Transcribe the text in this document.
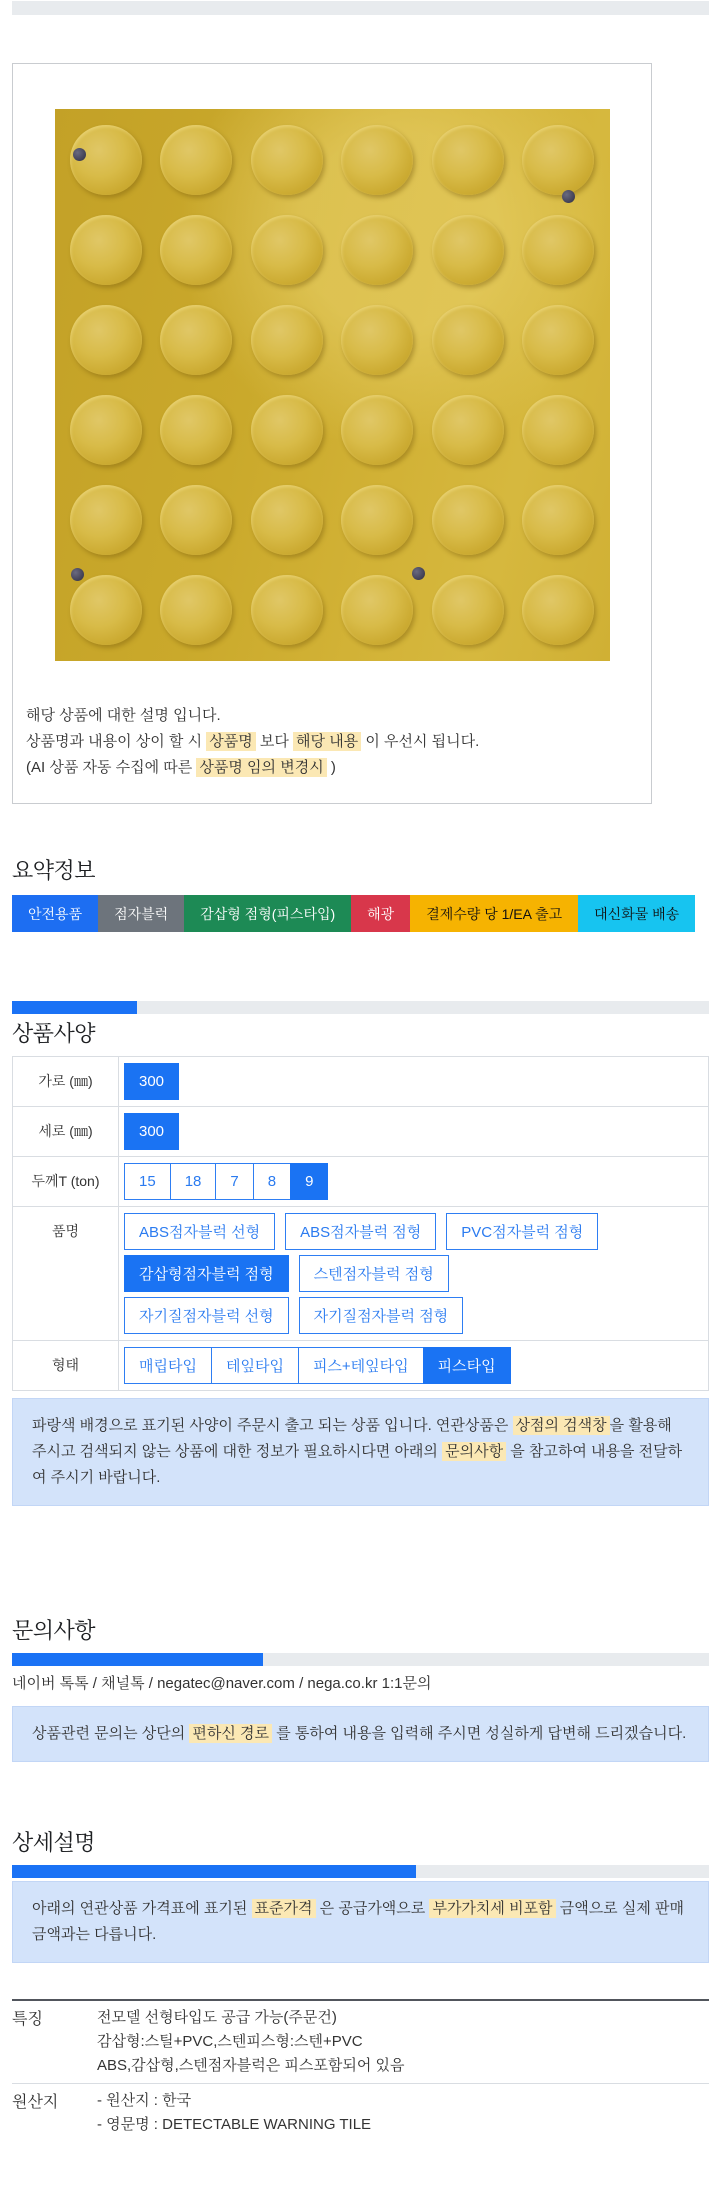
해당 상품에 대한 설명 입니다.
상품명과 내용이 상이 할 시 상품명 보다 해당 내용 이 우선시 됩니다.
(AI 상품 자동 수집에 따른 상품명 임의 변경시 )
요약정보
안전용품	점자블럭	감삽형 점형(피스타입)	해광	결제수량 당 1/EA 출고	대신화물 배송
상품사양
가로 (㎜)	300

세로 (㎜)	300

두께T (ton)	15 18 7 8 9

품명	ABS점자블럭 선형	ABS점자블럭 점형	PVC점자블럭 점형
감삽형점자블럭 점형	스텐점자블럭 점형
자기질점자블럭 선형	자기질점자블럭 점형

형태	매립타입 테잎타입 피스+테잎타입 피스타입
파랑색 배경으로 표기된 사양이 주문시 출고 되는 상품 입니다. 연관상품은 상점의 검색창 을 활용해 주시고 검색되지 않는 상품에 대한 정보가 필요하시다면 아래의 문의사항 을 참고하여 내용을 전달하여 주시기 바랍니다.
문의사항
네이버 톡톡 / 채널톡 / negatec@naver.com / nega.co.kr 1:1문의
상품관련 문의는 상단의 편하신 경로 를 통하여 내용을 입력해 주시면 성실하게 답변해 드리겠습니다.
상세설명
아래의 연관상품 가격표에 표기된 표준가격 은 공급가액으로 부가가치세 비포함 금액으로 실제 판매금액과는 다릅니다.
특징	전모델 선형타입도 공급 가능(주문건)
감삽형:스틸+PVC,스텐피스형:스텐+PVC
ABS,감삽형,스텐점자블럭은 피스포함되어 있음
원산지	- 원산지 : 한국
- 영문명 : DETECTABLE WARNING TILE
